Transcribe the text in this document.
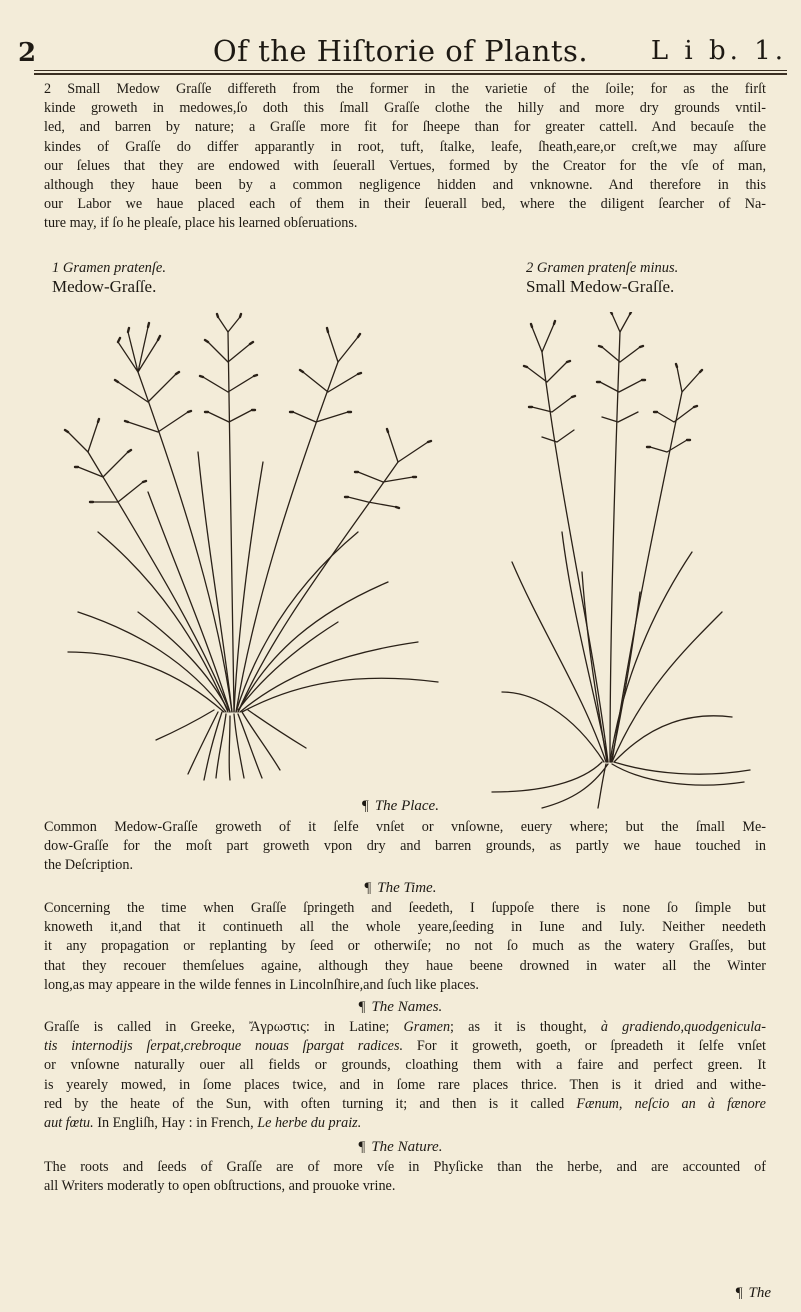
2	Of the Hiſtorie of Plants.	L i b. 1.
2 Small Medow Graſſe differeth from the former in the varietie of the ſoile; for as the firſt
kinde groweth in medowes,ſo doth this ſmall Graſſe clothe the hilly and more dry grounds vntil-
led, and barren by nature; a Graſſe more fit for ſheepe than for greater cattell. And becauſe the
kindes of Graſſe do differ apparantly in root, tuft, ſtalke, leafe, ſheath,eare,or creſt,we may aſſure
our ſelues that they are endowed with ſeuerall Vertues, formed by the Creator for the vſe of man,
although they haue been by a common negligence hidden and vnknowne. And therefore in this
our Labor we haue placed each of them in their ſeuerall bed, where the diligent ſearcher of Na-
ture may, if ſo he pleaſe, place his learned obſeruations.
1 Gramen pratenſe.
Medow-Graſſe.
2 Gramen pratenſe minus.
Small Medow-Graſſe.
¶ The Place.
Common Medow-Graſſe groweth of it ſelfe vnſet or vnſowne, euery where; but the ſmall Me-
dow-Graſſe for the moſt part groweth vpon dry and barren grounds, as partly we haue touched in
the Deſcription.
¶ The Time.
Concerning the time when Graſſe ſpringeth and ſeedeth, I ſuppoſe there is none ſo ſimple but
knoweth it,and that it continueth all the whole yeare,ſeeding in Iune and Iuly. Neither needeth
it any propagation or replanting by ſeed or otherwiſe; no not ſo much as the watery Graſſes, but
that they recouer themſelues againe, although they haue beene drowned in water all the Winter
long,as may appeare in the wilde fennes in Lincolnſhire,and ſuch like places.
¶ The Names.
Graſſe is called in Greeke, Ἄγρωστις: in Latine; Gramen; as it is thought, à gradiendo,quodgenicula-
tis internodijs ſerpat,crebroque nouas ſpargat radices. For it groweth, goeth, or ſpreadeth it ſelfe vnſet
or vnſowne naturally ouer all fields or grounds, cloathing them with a faire and perfect green. It
is yearely mowed, in ſome places twice, and in ſome rare places thrice. Then is it dried and withe-
red by the heate of the Sun, with often turning it; and then is it called Fænum, neſcio an à fænore
aut fœtu. In Engliſh, Hay : in French, Le herbe du praiz.
¶ The Nature.
The roots and ſeeds of Graſſe are of more vſe in Phyſicke than the herbe, and are accounted of
all Writers moderatly to open obſtructions, and prouoke vrine.
¶ The
